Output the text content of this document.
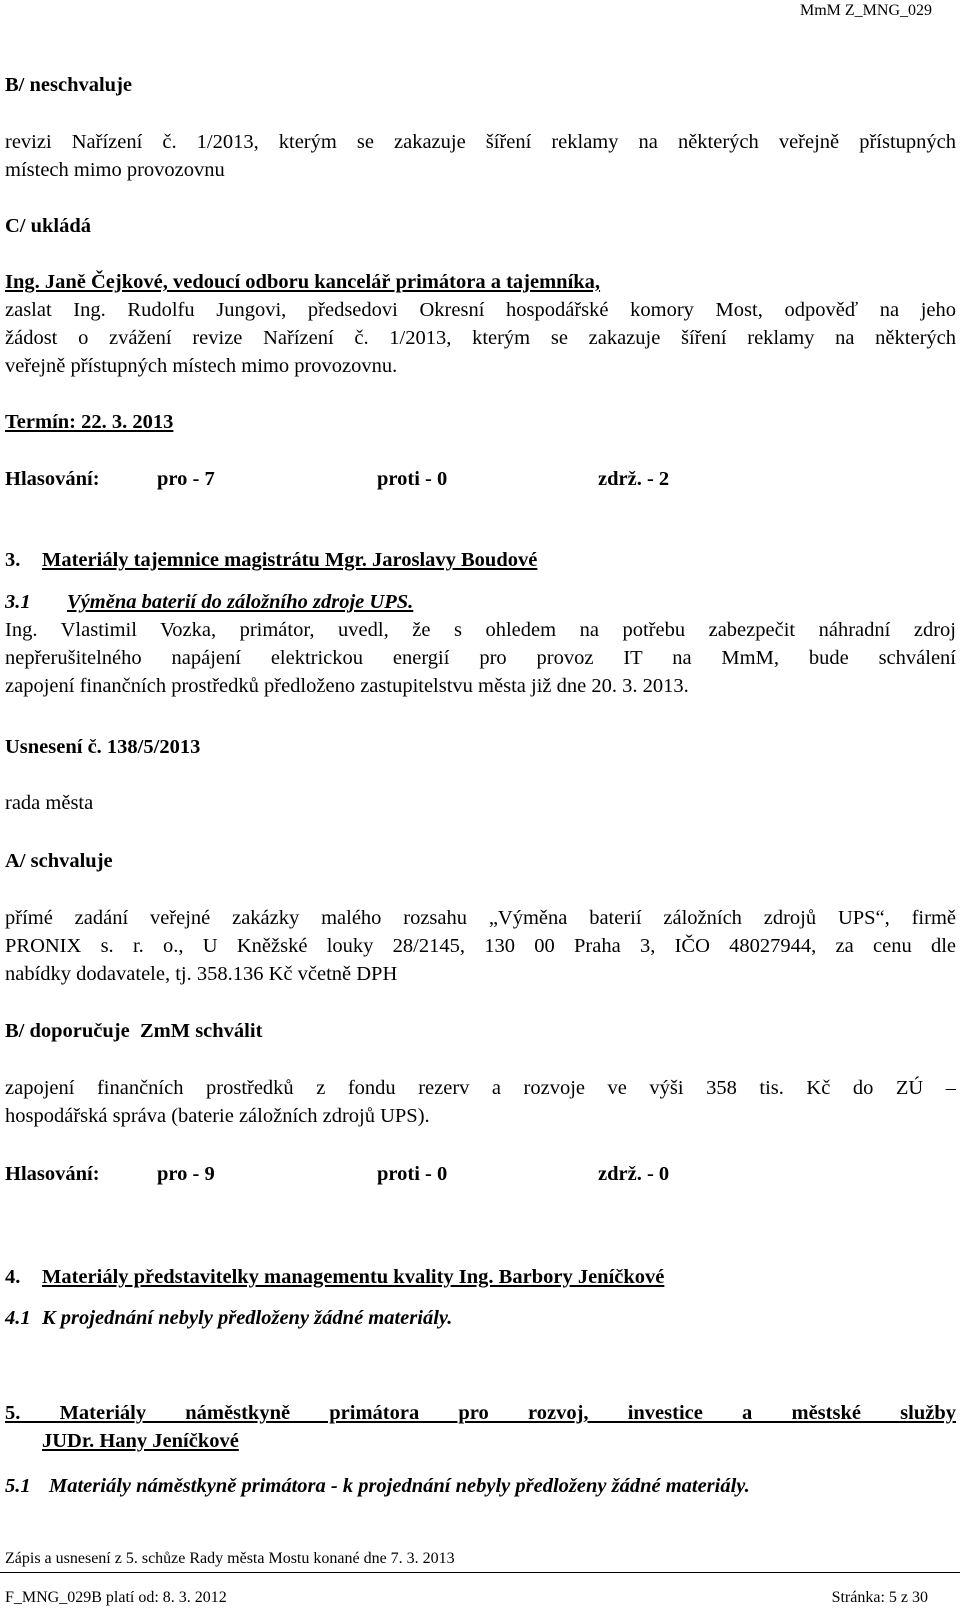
MmM Z_MNG_029
B/ neschvaluje
revizi Nařízení č. 1/2013, kterým se zakazuje šíření reklamy na některých veřejně přístupných
místech mimo provozovnu
C/ ukládá
Ing. Janě Čejkové, vedoucí odboru kancelář primátora a tajemníka,
zaslat Ing. Rudolfu Jungovi, předsedovi Okresní hospodářské komory Most, odpověď na jeho
žádost o zvážení revize Nařízení č. 1/2013, kterým se zakazuje šíření reklamy na některých
veřejně přístupných místech mimo provozovnu.
Termín: 22. 3. 2013
Hlasování:	pro - 7	proti - 0	zdrž. - 2
3. Materiály tajemnice magistrátu Mgr. Jaroslavy Boudové
3.1 Výměna baterií do záložního zdroje UPS.
Ing. Vlastimil Vozka, primátor, uvedl, že s ohledem na potřebu zabezpečit náhradní zdroj
nepřerušitelného napájení elektrickou energií pro provoz IT na MmM, bude schválení
zapojení finančních prostředků předloženo zastupitelstvu města již dne 20. 3. 2013.
Usnesení č. 138/5/2013
rada města
A/ schvaluje
přímé zadání veřejné zakázky malého rozsahu „Výměna baterií záložních zdrojů UPS“, firmě
PRONIX s. r. o., U Kněžské louky 28/2145, 130 00 Praha 3, IČO 48027944, za cenu dle
nabídky dodavatele, tj. 358.136 Kč včetně DPH
B/ doporučuje  ZmM schválit
zapojení finančních prostředků z fondu rezerv a rozvoje ve výši 358 tis. Kč do ZÚ –
hospodářská správa (baterie záložních zdrojů UPS).
Hlasování:	pro - 9	proti - 0	zdrž. - 0
4. Materiály představitelky managementu kvality Ing. Barbory Jeníčkové
4.1 K projednání nebyly předloženy žádné materiály.
5. Materiály náměstkyně primátora pro rozvoj, investice a městské služby
JUDr. Hany Jeníčkové
5.1 Materiály náměstkyně primátora - k projednání nebyly předloženy žádné materiály.
Zápis a usnesení z 5. schůze Rady města Mostu konané dne 7. 3. 2013
F_MNG_029B platí od: 8. 3. 2012	Stránka: 5 z 30
